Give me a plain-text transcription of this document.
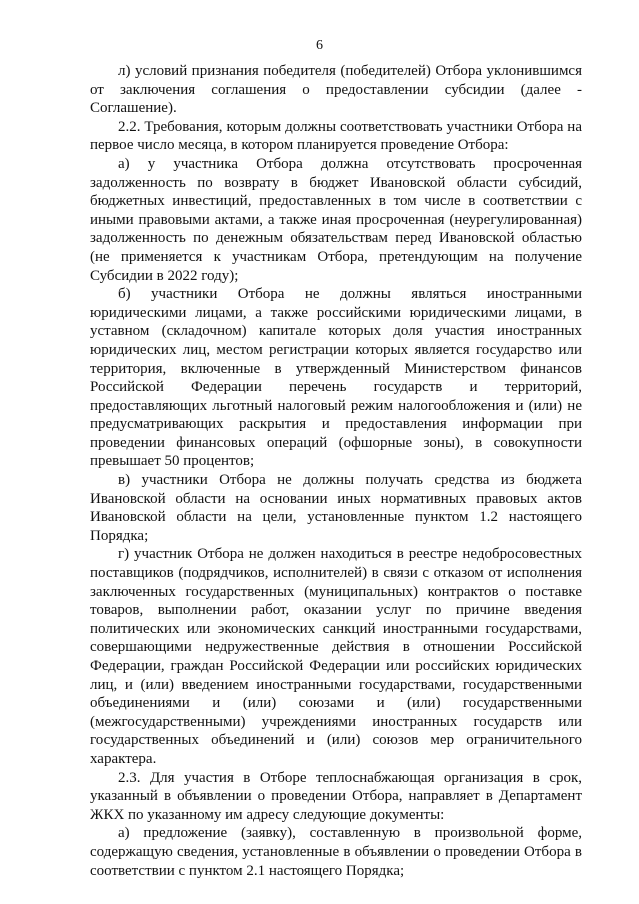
6

л) условий признания победителя (победителей) Отбора уклонившимся от заключения соглашения о предоставлении субсидии (далее - Соглашение).

2.2. Требования, которым должны соответствовать участники Отбора на первое число месяца, в котором планируется проведение Отбора:

а) у участника Отбора должна отсутствовать просроченная задолженность по возврату в бюджет Ивановской области субсидий, бюджетных инвестиций, предоставленных в том числе в соответствии с иными правовыми актами, а также иная просроченная (неурегулированная) задолженность по денежным обязательствам перед Ивановской областью (не применяется к участникам Отбора, претендующим на получение Субсидии в 2022 году);

б) участники Отбора не должны являться иностранными юридическими лицами, а также российскими юридическими лицами, в уставном (складочном) капитале которых доля участия иностранных юридических лиц, местом регистрации которых является государство или территория, включенные в утвержденный Министерством финансов Российской Федерации перечень государств и территорий, предоставляющих льготный налоговый режим налогообложения и (или) не предусматривающих раскрытия и предоставления информации при проведении финансовых операций (офшорные зоны), в совокупности превышает 50 процентов;

в) участники Отбора не должны получать средства из бюджета Ивановской области на основании иных нормативных правовых актов Ивановской области на цели, установленные пунктом 1.2 настоящего Порядка;

г) участник Отбора не должен находиться в реестре недобросовестных поставщиков (подрядчиков, исполнителей) в связи с отказом от исполнения заключенных государственных (муниципальных) контрактов о поставке товаров, выполнении работ, оказании услуг по причине введения политических или экономических санкций иностранными государствами, совершающими недружественные действия в отношении Российской Федерации, граждан Российской Федерации или российских юридических лиц, и (или) введением иностранными государствами, государственными объединениями и (или) союзами и (или) государственными (межгосударственными) учреждениями иностранных государств или государственных объединений и (или) союзов мер ограничительного характера.

2.3. Для участия в Отборе теплоснабжающая организация в срок, указанный в объявлении о проведении Отбора, направляет в Департамент ЖКХ по указанному им адресу следующие документы:

а) предложение (заявку), составленную в произвольной форме, содержащую сведения, установленные в объявлении о проведении Отбора в соответствии с пунктом 2.1 настоящего Порядка;
